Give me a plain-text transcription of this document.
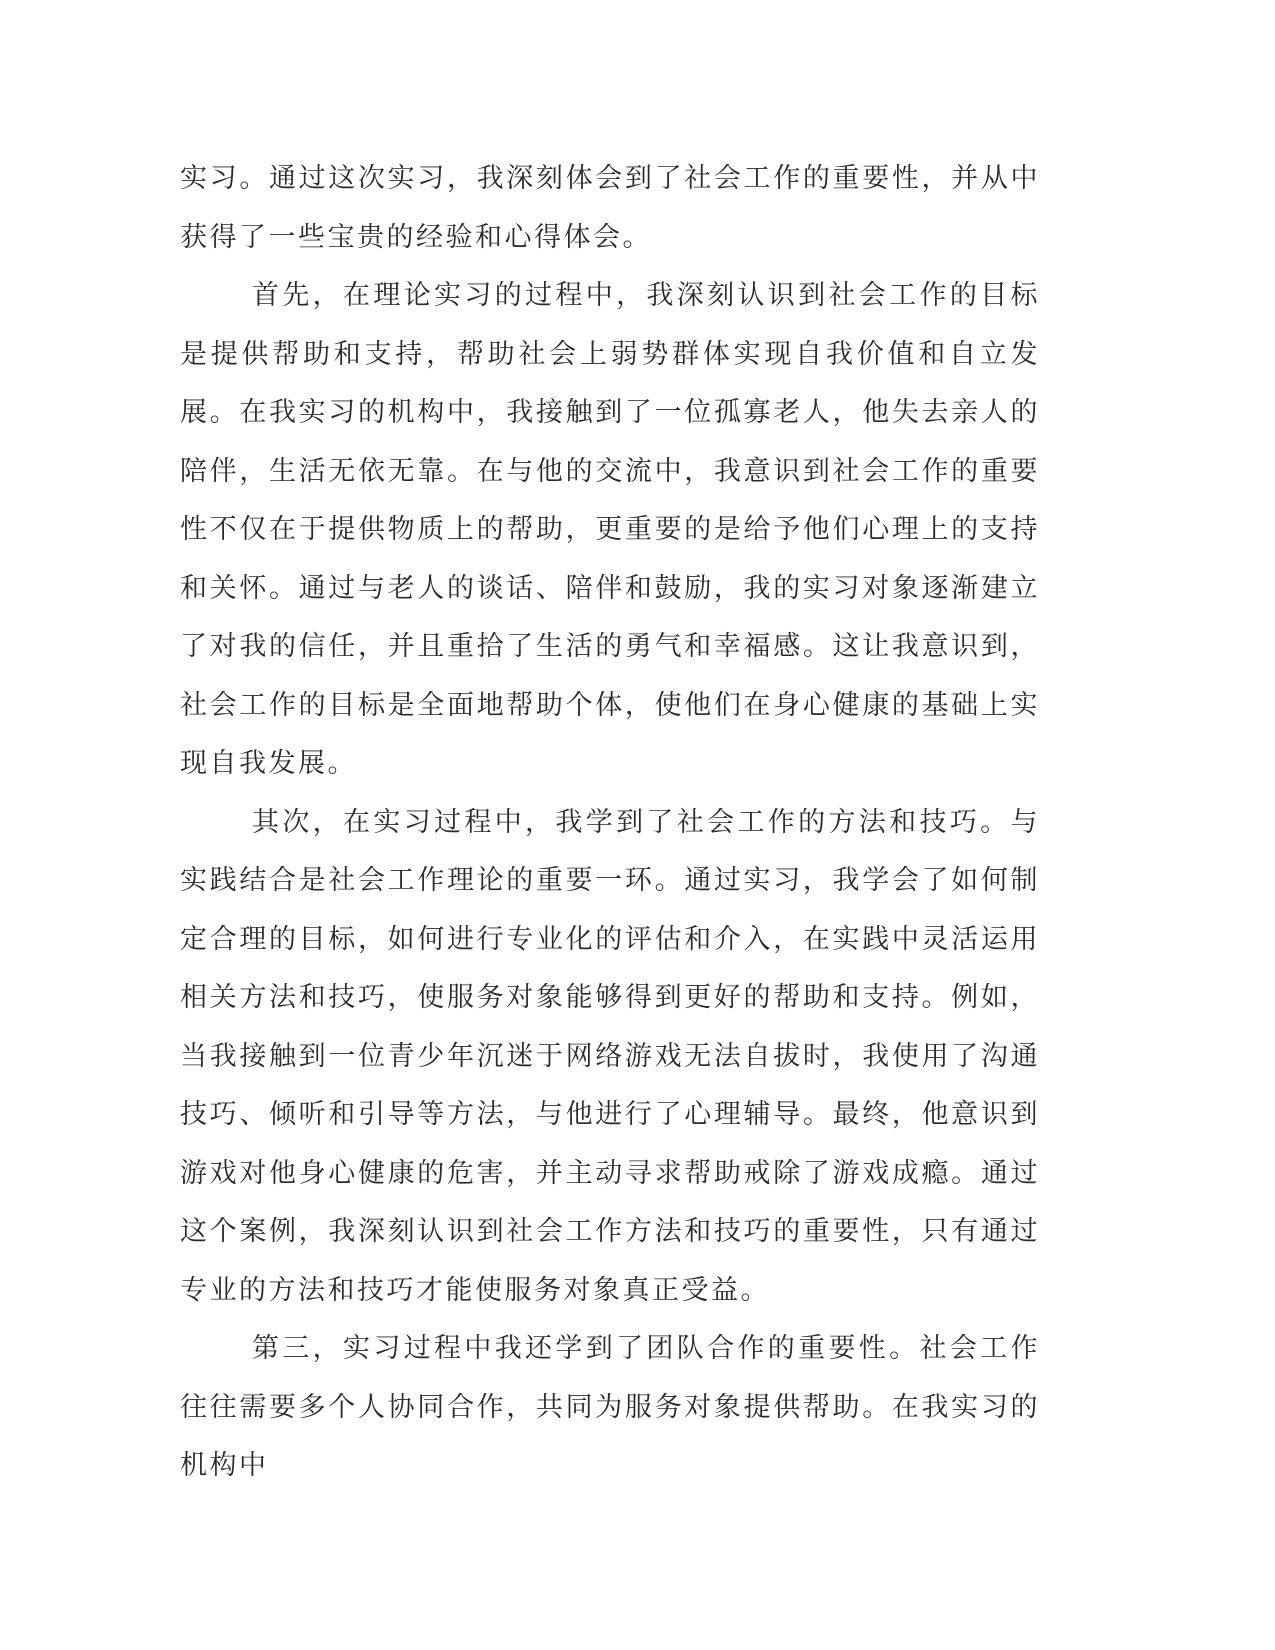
实习。通过这次实习，我深刻体会到了社会工作的重要性，并从中获得了一些宝贵的经验和心得体会。

首先，在理论实习的过程中，我深刻认识到社会工作的目标是提供帮助和支持，帮助社会上弱势群体实现自我价值和自立发展。在我实习的机构中，我接触到了一位孤寡老人，他失去亲人的陪伴，生活无依无靠。在与他的交流中，我意识到社会工作的重要性不仅在于提供物质上的帮助，更重要的是给予他们心理上的支持和关怀。通过与老人的谈话、陪伴和鼓励，我的实习对象逐渐建立了对我的信任，并且重拾了生活的勇气和幸福感。这让我意识到，社会工作的目标是全面地帮助个体，使他们在身心健康的基础上实现自我发展。

其次，在实习过程中，我学到了社会工作的方法和技巧。与实践结合是社会工作理论的重要一环。通过实习，我学会了如何制定合理的目标，如何进行专业化的评估和介入，在实践中灵活运用相关方法和技巧，使服务对象能够得到更好的帮助和支持。例如，当我接触到一位青少年沉迷于网络游戏无法自拔时，我使用了沟通技巧、倾听和引导等方法，与他进行了心理辅导。最终，他意识到游戏对他身心健康的危害，并主动寻求帮助戒除了游戏成瘾。通过这个案例，我深刻认识到社会工作方法和技巧的重要性，只有通过专业的方法和技巧才能使服务对象真正受益。

第三，实习过程中我还学到了团队合作的重要性。社会工作往往需要多个人协同合作，共同为服务对象提供帮助。在我实习的机构中
